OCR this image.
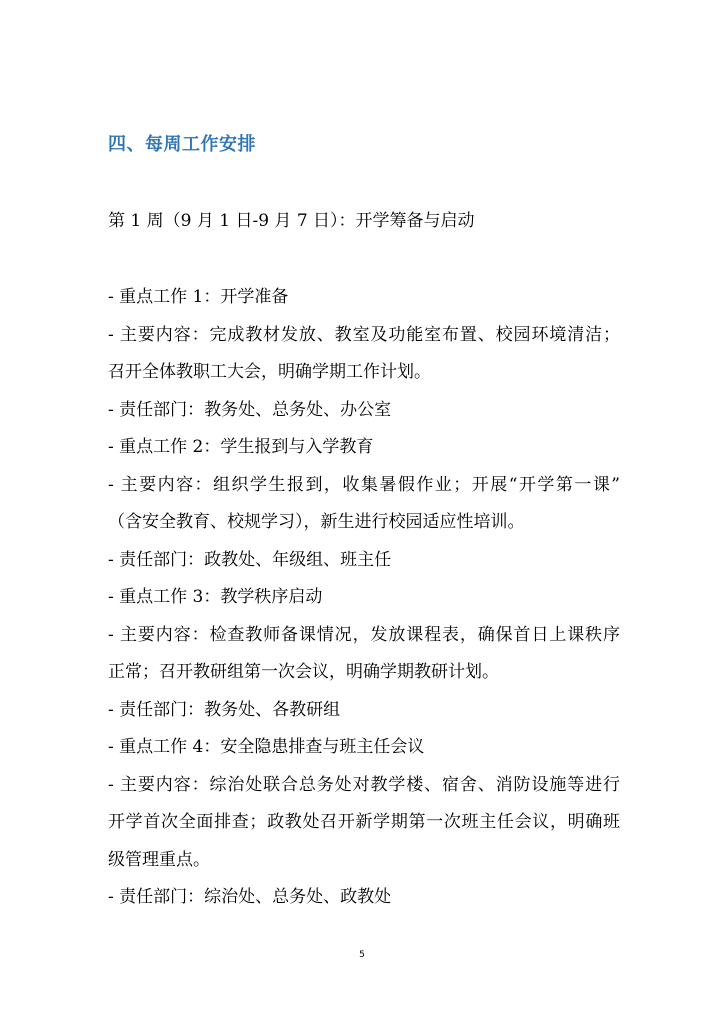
四、每周工作安排
第 1 周（9 月 1 日-9 月 7 日）：开学筹备与启动
- 重点工作 1：开学准备
- 主要内容：完成教材发放、教室及功能室布置、校园环境清洁；
召开全体教职工大会，明确学期工作计划。
- 责任部门：教务处、总务处、办公室
- 重点工作 2：学生报到与入学教育
- 主要内容：组织学生报到，收集暑假作业；开展“开学第一课”
（含安全教育、校规学习），新生进行校园适应性培训。
- 责任部门：政教处、年级组、班主任
- 重点工作 3：教学秩序启动
- 主要内容：检查教师备课情况，发放课程表，确保首日上课秩序
正常；召开教研组第一次会议，明确学期教研计划。
- 责任部门：教务处、各教研组
- 重点工作 4：安全隐患排查与班主任会议
- 主要内容：综治处联合总务处对教学楼、宿舍、消防设施等进行
开学首次全面排查；政教处召开新学期第一次班主任会议，明确班
级管理重点。
- 责任部门：综治处、总务处、政教处
5
